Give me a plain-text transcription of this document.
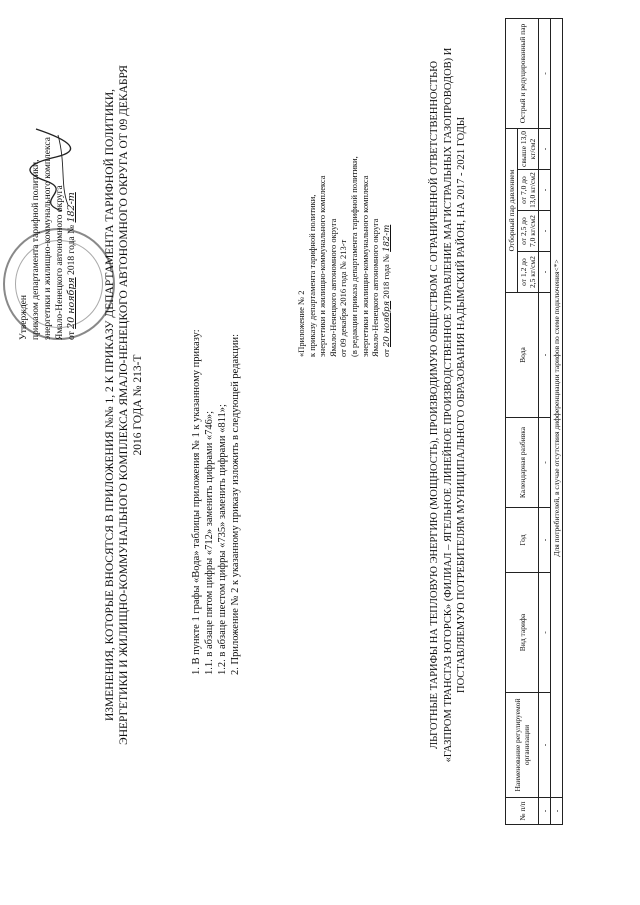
Утвержден приказом департамента тарифной политики, энергетики и жилищно-коммунального комплекса Ямало-Ненецкого автономного округа от 20 ноября 2018 года № 182-т ИЗМЕНЕНИЯ, КОТОРЫЕ ВНОСЯТСЯ В ПРИЛОЖЕНИЯ №№ 1, 2 К ПРИКАЗУ ДЕПАРТАМЕНТА ТАРИФНОЙ ПОЛИТИКИ, ЭНЕРГЕТИКИ И ЖИЛИЩНО-КОММУНАЛЬНОГО КОМПЛЕКСА ЯМАЛО-НЕНЕЦКОГО АВТОНОМНОГО ОКРУГА ОТ 09 ДЕКАБРЯ 2016 ГОДА № 213-Т	1. В пункте 1 графы «Вода» таблицы приложения № 1 к указанному приказу: 1.1. в абзаце пятом цифры «712» заменить цифрами «746»; 1.2. в абзаце шестом цифры «735» заменить цифрами «811»; 2. Приложение № 2 к указанному приказу изложить в следующей редакции:
«Приложение № 2 к приказу департамента тарифной политики, энергетики и жилищно-коммунального комплекса Ямало-Ненецкого автономного округа от 09 декабря 2016 года № 213-т (в редакции приказа департамента тарифной политики, энергетики и жилищно-коммунального комплекса Ямало-Ненецкого автономного округа от 20 ноября 2018 года № 182-т	ЛЬГОТНЫЕ ТАРИФЫ НА ТЕПЛОВУЮ ЭНЕРГИЮ (МОЩНОСТЬ), ПРОИЗВОДИМУЮ ОБЩЕСТВОМ С ОГРАНИЧЕННОЙ ОТВЕТСТВЕННОСТЬЮ «ГАЗПРОМ ТРАНСГАЗ ЮГОРСК» (ФИЛИАЛ – ЯГЕЛЬНОЕ ЛИНЕЙНОЕ ПРОИЗВОДСТВЕННОЕ УПРАВЛЕНИЕ МАГИСТРАЛЬНЫХ ГАЗОПРОВОДОВ) И ПОСТАВЛЯЕМУЮ ПОТРЕБИТЕЛЯМ МУНИЦИПАЛЬНОГО ОБРАЗОВАНИЯ НАДЫМСКИЙ РАЙОН, НА 2017 - 2021 ГОДЫ
№ п/п	Наименование регулируемой организации	Вид тарифа	Год	Календарная разбивка	Вода	Отборный пар давлением				Острый и редуцированный пар
						от 1,2 до 2,5 кг/см2	от 2,5 до 7,0 кг/см2	от 7,0 до 13,0 кг/см2	свыше 13,0 кг/см2	
-	-	-	-	-	-	-	-	-	-	-
-	Для потребителей, в случае отсутствия дифференциации тарифов по схеме подключения<*>									
